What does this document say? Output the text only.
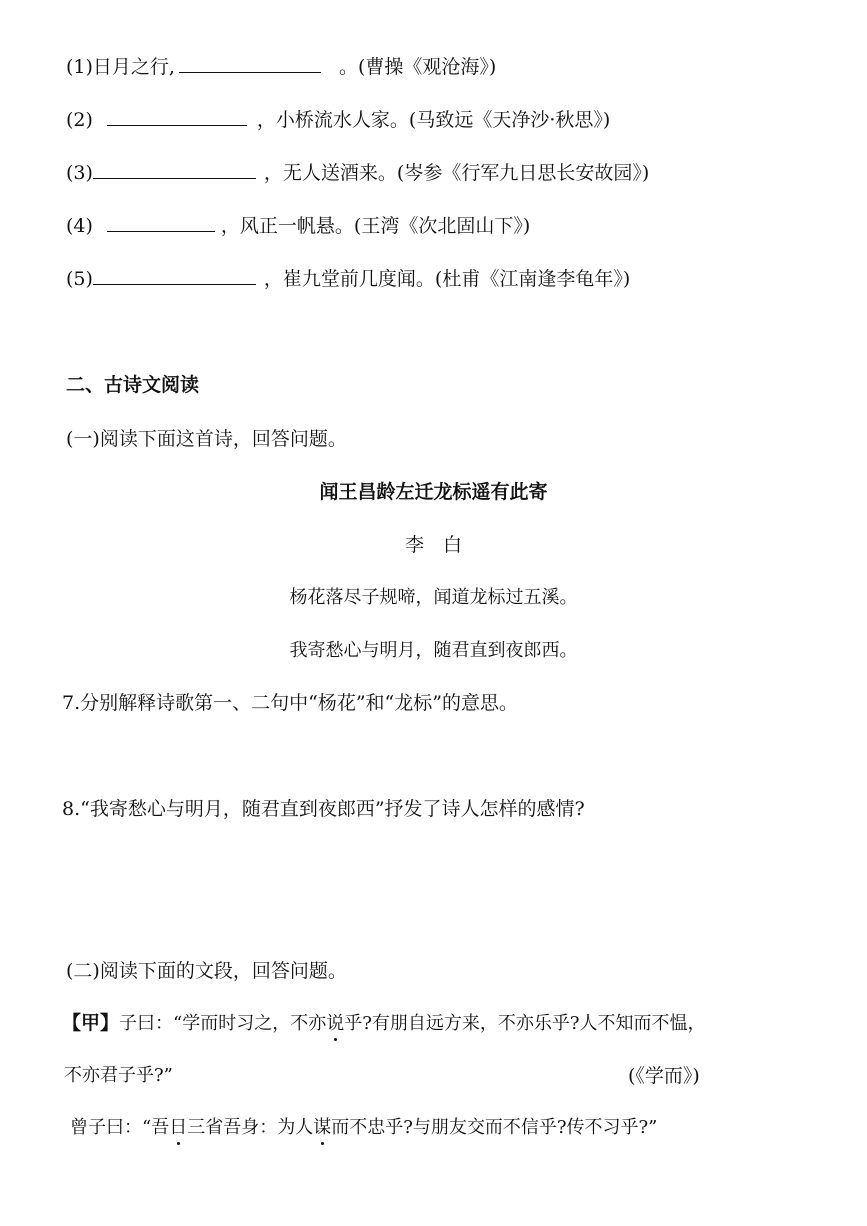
(1)日月之行,	。(曹操《观沧海》)
(2)	，小桥流水人家。(马致远《天净沙·秋思》)
(3)	，无人送酒来。(岑参《行军九日思长安故园》)
(4)	，风正一帆悬。(王湾《次北固山下》)
(5)	，崔九堂前几度闻。(杜甫《江南逢李龟年》)
二、古诗文阅读
(一)阅读下面这首诗，回答问题。
闻王昌龄左迁龙标遥有此寄
李　白
杨花落尽子规啼，闻道龙标过五溪。
我寄愁心与明月，随君直到夜郎西。
7.分别解释诗歌第一、二句中“杨花”和“龙标”的意思。
8.“我寄愁心与明月，随君直到夜郎西”抒发了诗人怎样的感情?
(二)阅读下面的文段，回答问题。
【甲】子曰：“学而时习之，不亦说乎?有朋自远方来，不亦乐乎?人不知而不愠，
不亦君子乎?”	(《学而》)
曾子曰：“吾日三省吾身：为人谋而不忠乎?与朋友交而不信乎?传不习乎?”
